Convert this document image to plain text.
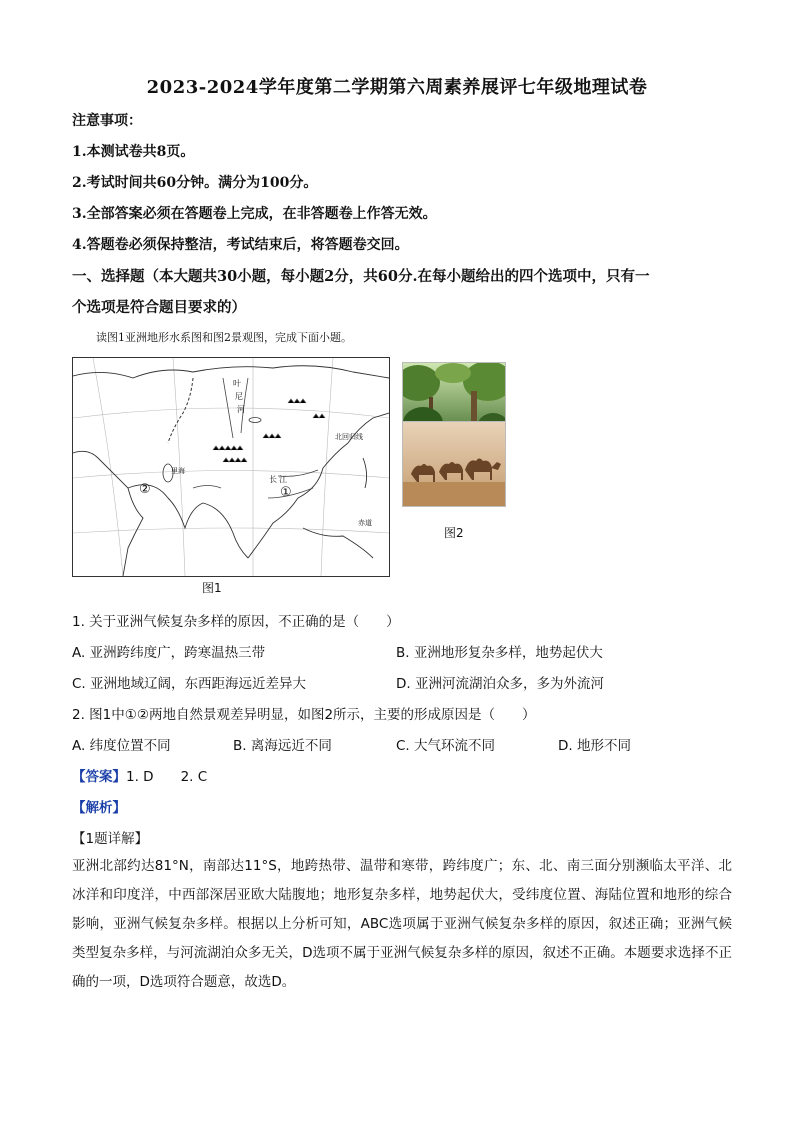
2023-2024学年度第二学期第六周素养展评七年级地理试卷
注意事项：
1.本测试卷共8页。
2.考试时间共60分钟。满分为100分。
3.全部答案必须在答题卷上完成，在非答题卷上作答无效。
4.答题卷必须保持整洁，考试结束后，将答题卷交回。
一、选择题（本大题共30小题，每小题2分，共60分.在每小题给出的四个选项中，只有一
个选项是符合题目要求的）
读图1亚洲地形水系图和图2景观图，完成下面小题。
②	①
叶
尼
河
长 江
里海
北回归线
赤道
图1
图2
1. 关于亚洲气候复杂多样的原因，不正确的是（　　）
A. 亚洲跨纬度广，跨寒温热三带	B. 亚洲地形复杂多样，地势起伏大
C. 亚洲地域辽阔，东西距海远近差异大	D. 亚洲河流湖泊众多，多为外流河
2. 图1中①②两地自然景观差异明显，如图2所示，主要的形成原因是（　　）
A. 纬度位置不同	B. 离海远近不同	C. 大气环流不同	D. 地形不同
【答案】1. D　　2. C
【解析】
【1题详解】
亚洲北部约达81°N，南部达11°S，地跨热带、温带和寒带，跨纬度广；东、北、南三面分别濒临太平洋、北冰洋和印度洋，中西部深居亚欧大陆腹地；地形复杂多样，地势起伏大，受纬度位置、海陆位置和地形的综合影响，亚洲气候复杂多样。根据以上分析可知，ABC选项属于亚洲气候复杂多样的原因，叙述正确；亚洲气候类型复杂多样，与河流湖泊众多无关，D选项不属于亚洲气候复杂多样的原因，叙述不正确。本题要求选择不正确的一项，D选项符合题意，故选D。
